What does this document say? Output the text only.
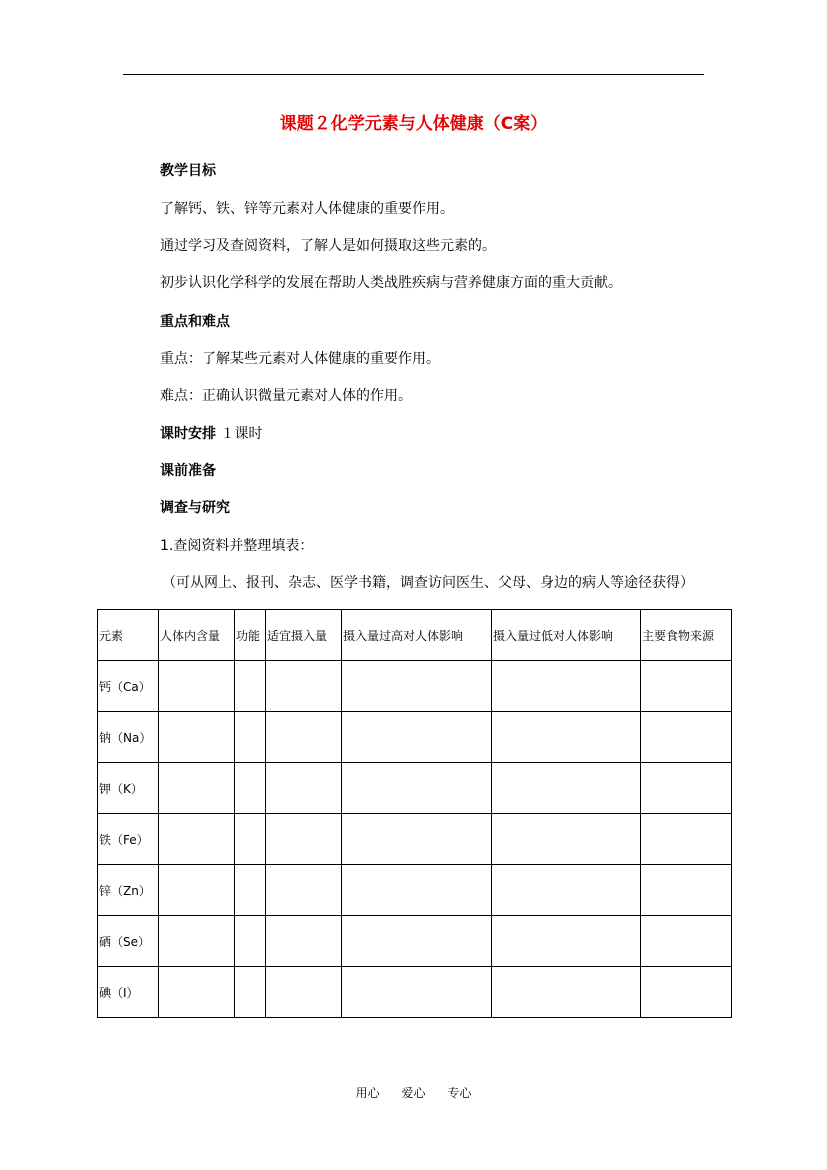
课题２化学元素与人体健康（C案）
教学目标
了解钙、铁、锌等元素对人体健康的重要作用。
通过学习及查阅资料，了解人是如何摄取这些元素的。
初步认识化学科学的发展在帮助人类战胜疾病与营养健康方面的重大贡献。
重点和难点
重点：了解某些元素对人体健康的重要作用。
难点：正确认识微量元素对人体的作用。
课时安排 １课时
课前准备
调查与研究
1.查阅资料并整理填表：
（可从网上、报刊、杂志、医学书籍，调查访问医生、父母、身边的病人等途径获得）
元素	人体内含量	功能	适宜摄入量	摄入量过高对人体影响	摄入量过低对人体影响	主要食物来源
钙（Ca）						
钠（Na）						
钾（K）						
铁（Fe）						
锌（Zn）						
硒（Se）						
碘（I）						
用心 爱心 专心
